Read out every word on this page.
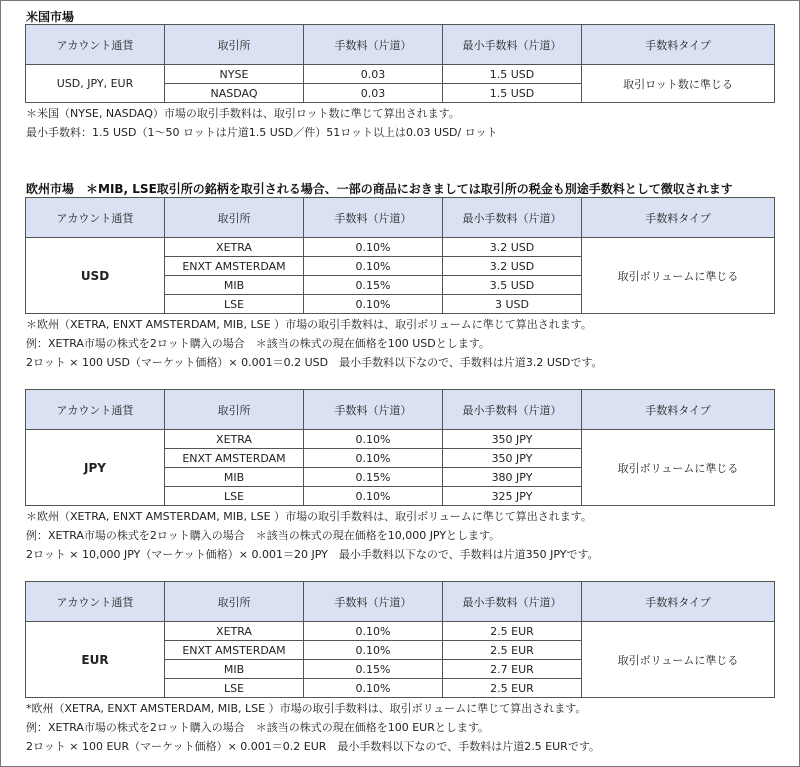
米国市場
アカウント通貨	取引所	手数料（片道）	最小手数料（片道）	手数料タイプ
USD, JPY, EUR	NYSE	0.03	1.5 USD	取引ロット数に準じる
	NASDAQ	0.03	1.5 USD	
＊米国（NYSE, NASDAQ）市場の取引手数料は、取引ロット数に準じて算出されます。
最小手数料：1.5 USD（1〜50 ロットは片道1.5 USD／件）51ロット以上は0.03 USD/ ロット
欧州市場　＊MIB, LSE取引所の銘柄を取引される場合、一部の商品におきましては取引所の税金も別途手数料として徴収されます
アカウント通貨	取引所	手数料（片道）	最小手数料（片道）	手数料タイプ
USD	XETRA	0.10%	3.2 USD	取引ボリュームに準じる
	ENXT AMSTERDAM	0.10%	3.2 USD	
	MIB	0.15%	3.5 USD	
	LSE	0.10%	3 USD	
＊欧州（XETRA, ENXT AMSTERDAM, MIB, LSE ）市場の取引手数料は、取引ボリュームに準じて算出されます。
例：XETRA市場の株式を2ロット購入の場合　＊該当の株式の現在価格を100 USDとします。
2ロット × 100 USD（マーケット価格）× 0.001＝0.2 USD　最小手数料以下なので、手数料は片道3.2 USDです。
アカウント通貨	取引所	手数料（片道）	最小手数料（片道）	手数料タイプ
JPY	XETRA	0.10%	350 JPY	取引ボリュームに準じる
	ENXT AMSTERDAM	0.10%	350 JPY	
	MIB	0.15%	380 JPY	
	LSE	0.10%	325 JPY	
＊欧州（XETRA, ENXT AMSTERDAM, MIB, LSE ）市場の取引手数料は、取引ボリュームに準じて算出されます。
例：XETRA市場の株式を2ロット購入の場合　＊該当の株式の現在価格を10,000 JPYとします。
2ロット × 10,000 JPY（マーケット価格）× 0.001＝20 JPY　最小手数料以下なので、手数料は片道350 JPYです。
アカウント通貨	取引所	手数料（片道）	最小手数料（片道）	手数料タイプ
EUR	XETRA	0.10%	2.5 EUR	取引ボリュームに準じる
	ENXT AMSTERDAM	0.10%	2.5 EUR	
	MIB	0.15%	2.7 EUR	
	LSE	0.10%	2.5 EUR	
*欧州（XETRA, ENXT AMSTERDAM, MIB, LSE ）市場の取引手数料は、取引ボリュームに準じて算出されます。
例：XETRA市場の株式を2ロット購入の場合　＊該当の株式の現在価格を100 EURとします。
2ロット × 100 EUR（マーケット価格）× 0.001＝0.2 EUR　最小手数料以下なので、手数料は片道2.5 EURです。
